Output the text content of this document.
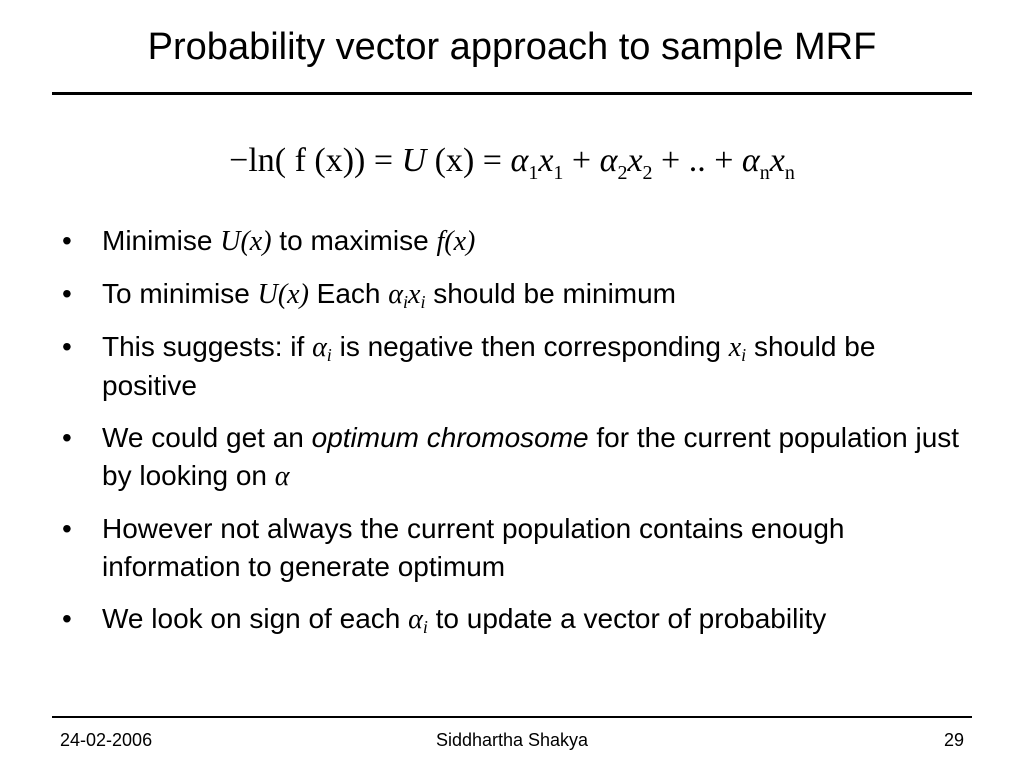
Probability vector approach to sample MRF
−ln( f (x)) = U $(x) = \alpha_1x_1 + \alpha_2x_2$ + .. + $\alpha_nx_n$
• Minimise U(x) to maximise f(x)
• To minimise U(x) Each $\alpha_ix_i$ should be minimum
• This suggests: if $\alpha_i$ is negative then corresponding $x_i$ should be positive
• We could get an optimum chromosome for the current population just by looking on α
• However not always the current population contains enough information to generate optimum
• We look on sign of each $\alpha_i$ to update a vector of probability
24-02-2006	Siddhartha Shakya	29
